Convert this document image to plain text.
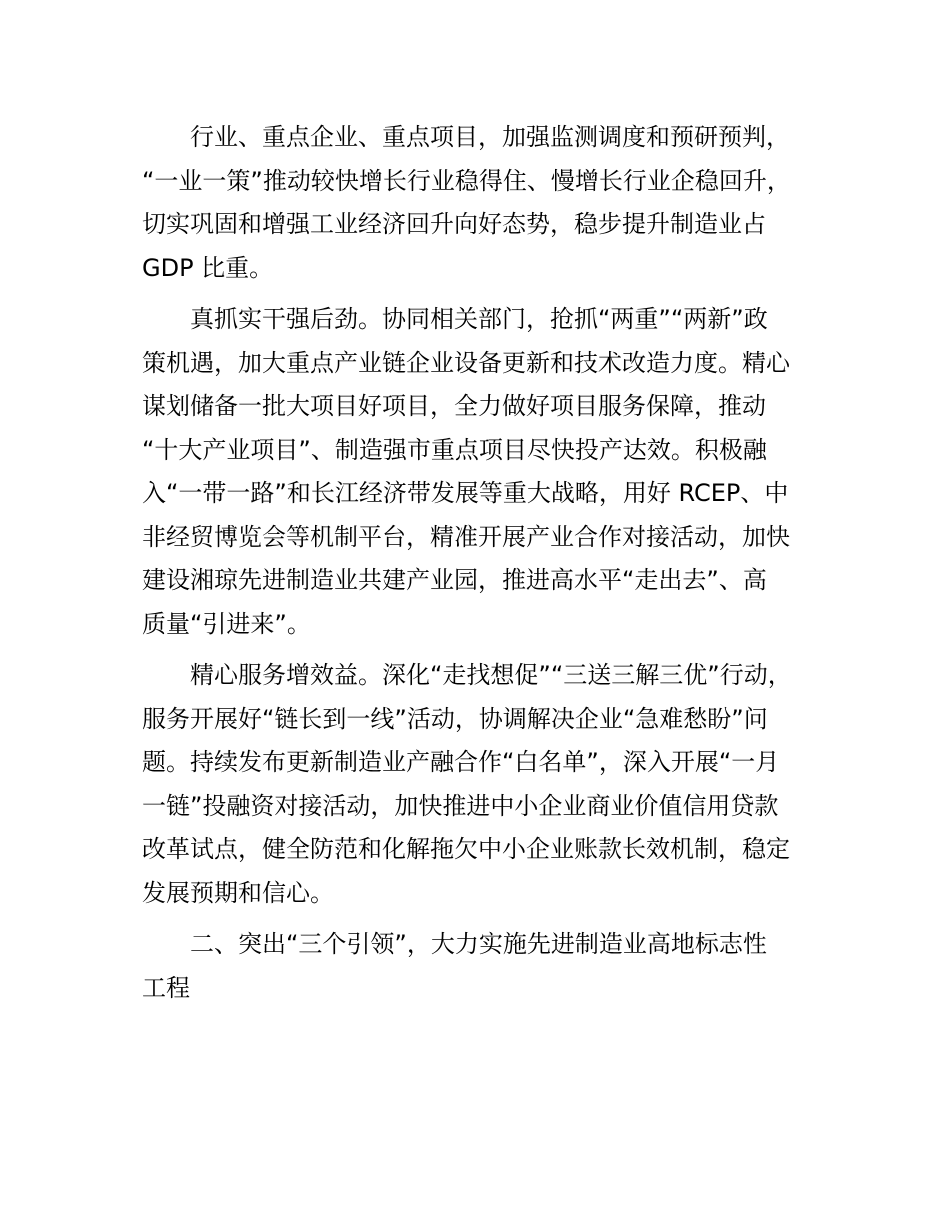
行业、重点企业、重点项目，加强监测调度和预研预判，
“一业一策”推动较快增长行业稳得住、慢增长行业企稳回升，
切实巩固和增强工业经济回升向好态势，稳步提升制造业占
GDP 比重。
真抓实干强后劲。协同相关部门，抢抓“两重”“两新”政
策机遇，加大重点产业链企业设备更新和技术改造力度。精心
谋划储备一批大项目好项目，全力做好项目服务保障，推动
“十大产业项目”、制造强市重点项目尽快投产达效。积极融
入“一带一路”和长江经济带发展等重大战略，用好 RCEP、中
非经贸博览会等机制平台，精准开展产业合作对接活动，加快
建设湘琼先进制造业共建产业园，推进高水平“走出去”、高
质量“引进来”。
精心服务增效益。深化“走找想促”“三送三解三优”行动，
服务开展好“链长到一线”活动，协调解决企业“急难愁盼”问
题。持续发布更新制造业产融合作“白名单”，深入开展“一月
一链”投融资对接活动，加快推进中小企业商业价值信用贷款
改革试点，健全防范和化解拖欠中小企业账款长效机制，稳定
发展预期和信心。
二、突出“三个引领”，大力实施先进制造业高地标志性
工程
